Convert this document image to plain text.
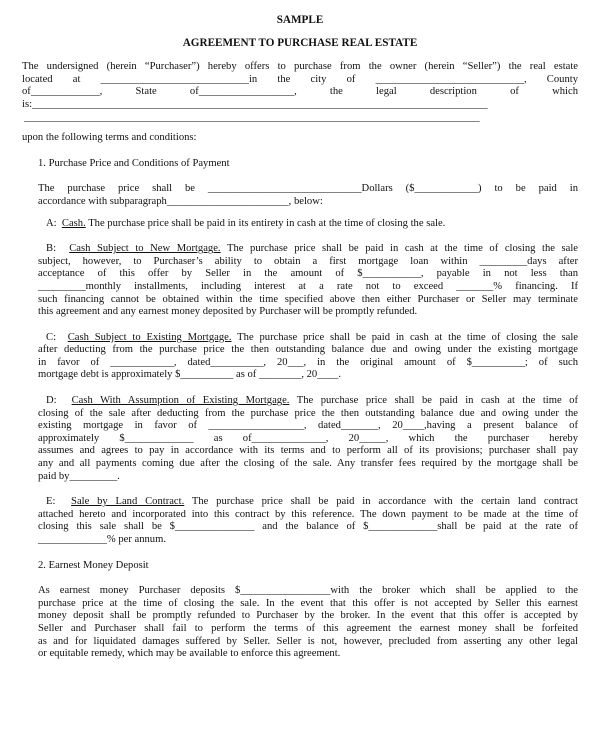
SAMPLE
AGREEMENT TO PURCHASE REAL ESTATE
The undersigned (herein “Purchaser”) hereby offers to purchase from the owner (herein “Seller”) the real estate
located at ____________________________in the city of ____________________________, County
of_____________, State of__________________, the legal description of which
is:______________________________________________________________________________________
______________________________________________________________________________________
upon the following terms and conditions:
1. Purchase Price and Conditions of Payment
The purchase price shall be _____________________________Dollars ($____________) to be paid in
accordance with subparagraph_______________________, below:
A:  Cash. The purchase price shall be paid in its entirety in cash at the time of closing the sale.
B:  Cash Subject to New Mortgage. The purchase price shall be paid in cash at the time of closing the sale
subject, however, to Purchaser’s ability to obtain a first mortgage loan within _________days after
acceptance of this offer by Seller in the amount of $___________, payable in not less than
_________monthly installments, including interest at a rate not to exceed _______% financing. If
such financing cannot be obtained within the time specified above then either Purchaser or Seller may terminate
this agreement and any earnest money deposited by Purchaser will be promptly refunded.
C:  Cash Subject to Existing Mortgage. The purchase price shall be paid in cash at the time of closing the sale
after deducting from the purchase price the then outstanding balance due and owing under the existing mortgage
in favor of ____________, dated__________, 20___, in the original amount of $__________; of such
mortgage debt is approximately $__________ as of ________, 20____.
D:  Cash With Assumption of Existing Mortgage. The purchase price shall be paid in cash at the time of
closing of the sale after deducting from the purchase price the then outstanding balance due and owing under the
existing mortgage in favor of __________________, dated_______, 20____,having a present balance of
approximately $_____________ as of______________, 20_____, which the purchaser hereby
assumes and agrees to pay in accordance with its terms and to perform all of its provisions; purchaser shall pay
any and all payments coming due after the closing of the sale. Any transfer fees required by the mortgage shall be
paid by_________.
E:  Sale by Land Contract. The purchase price shall be paid in accordance with the certain land contract
attached hereto and incorporated into this contract by this reference. The down payment to be made at the time of
closing this sale shall be $_______________ and the balance of $_____________shall be paid at the rate of
_____________% per annum.
2. Earnest Money Deposit
As earnest money Purchaser deposits $_________________with the broker which shall be applied to the
purchase price at the time of closing the sale. In the event that this offer is not accepted by Seller this earnest
money deposit shall be promptly refunded to Purchaser by the broker. In the event that this offer is accepted by
Seller and Purchaser shall fail to perform the terms of this agreement the earnest money shall be forfeited
as and for liquidated damages suffered by Seller. Seller is not, however, precluded from asserting any other legal
or equitable remedy, which may be available to enforce this agreement.
